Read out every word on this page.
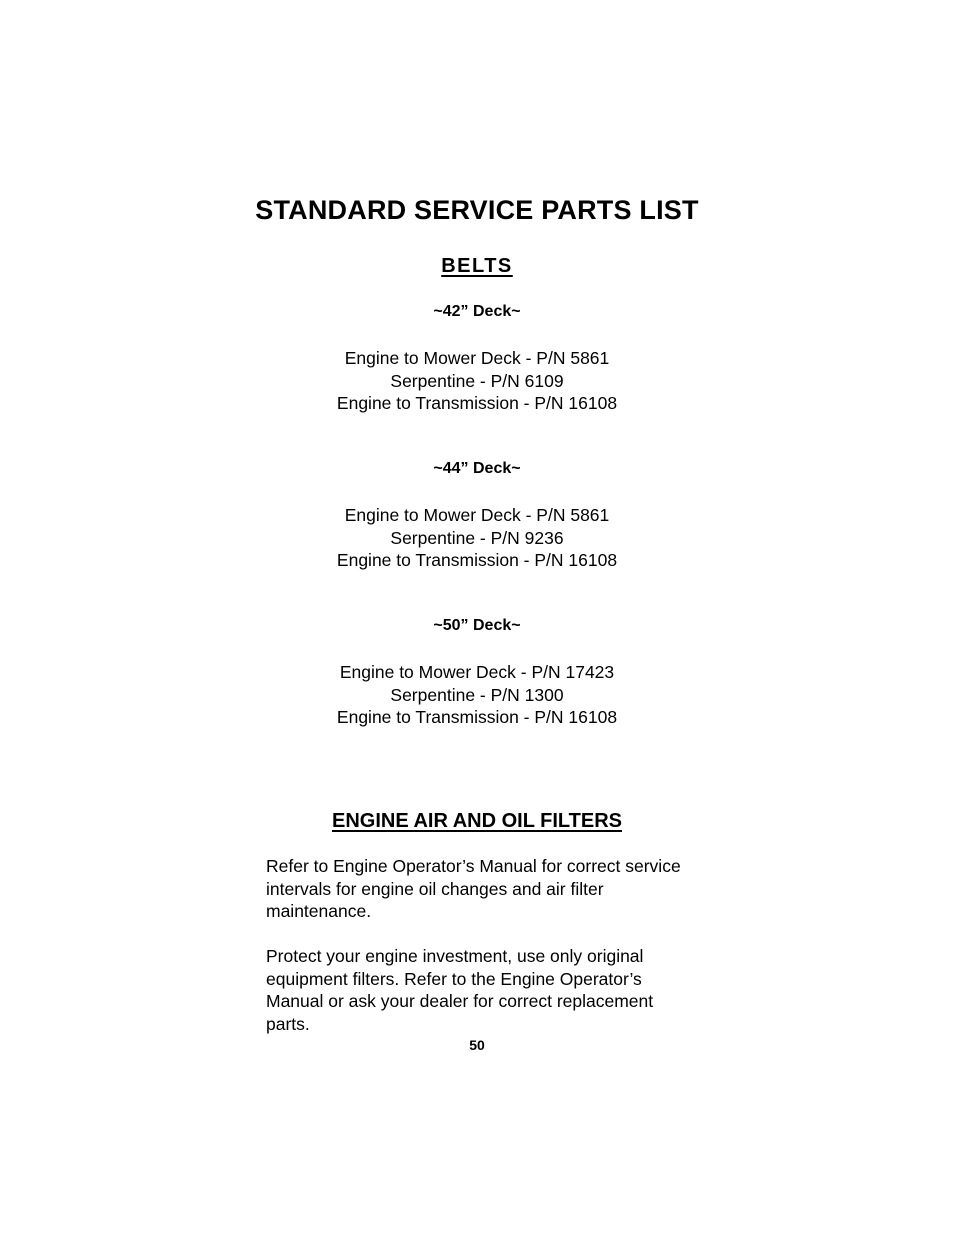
STANDARD SERVICE PARTS LIST
BELTS
~42” Deck~
Engine to Mower Deck - P/N 5861
Serpentine - P/N 6109
Engine to Transmission - P/N 16108
~44” Deck~
Engine to Mower Deck - P/N 5861
Serpentine - P/N 9236
Engine to Transmission - P/N 16108
~50” Deck~
Engine to Mower Deck - P/N 17423
Serpentine - P/N 1300
Engine to Transmission - P/N 16108
ENGINE AIR AND OIL FILTERS

Refer to Engine Operator’s Manual for correct service intervals for engine oil changes and air filter maintenance.

Protect your engine investment, use only original equipment filters. Refer to the Engine Operator’s Manual or ask your dealer for correct replacement parts.

50
